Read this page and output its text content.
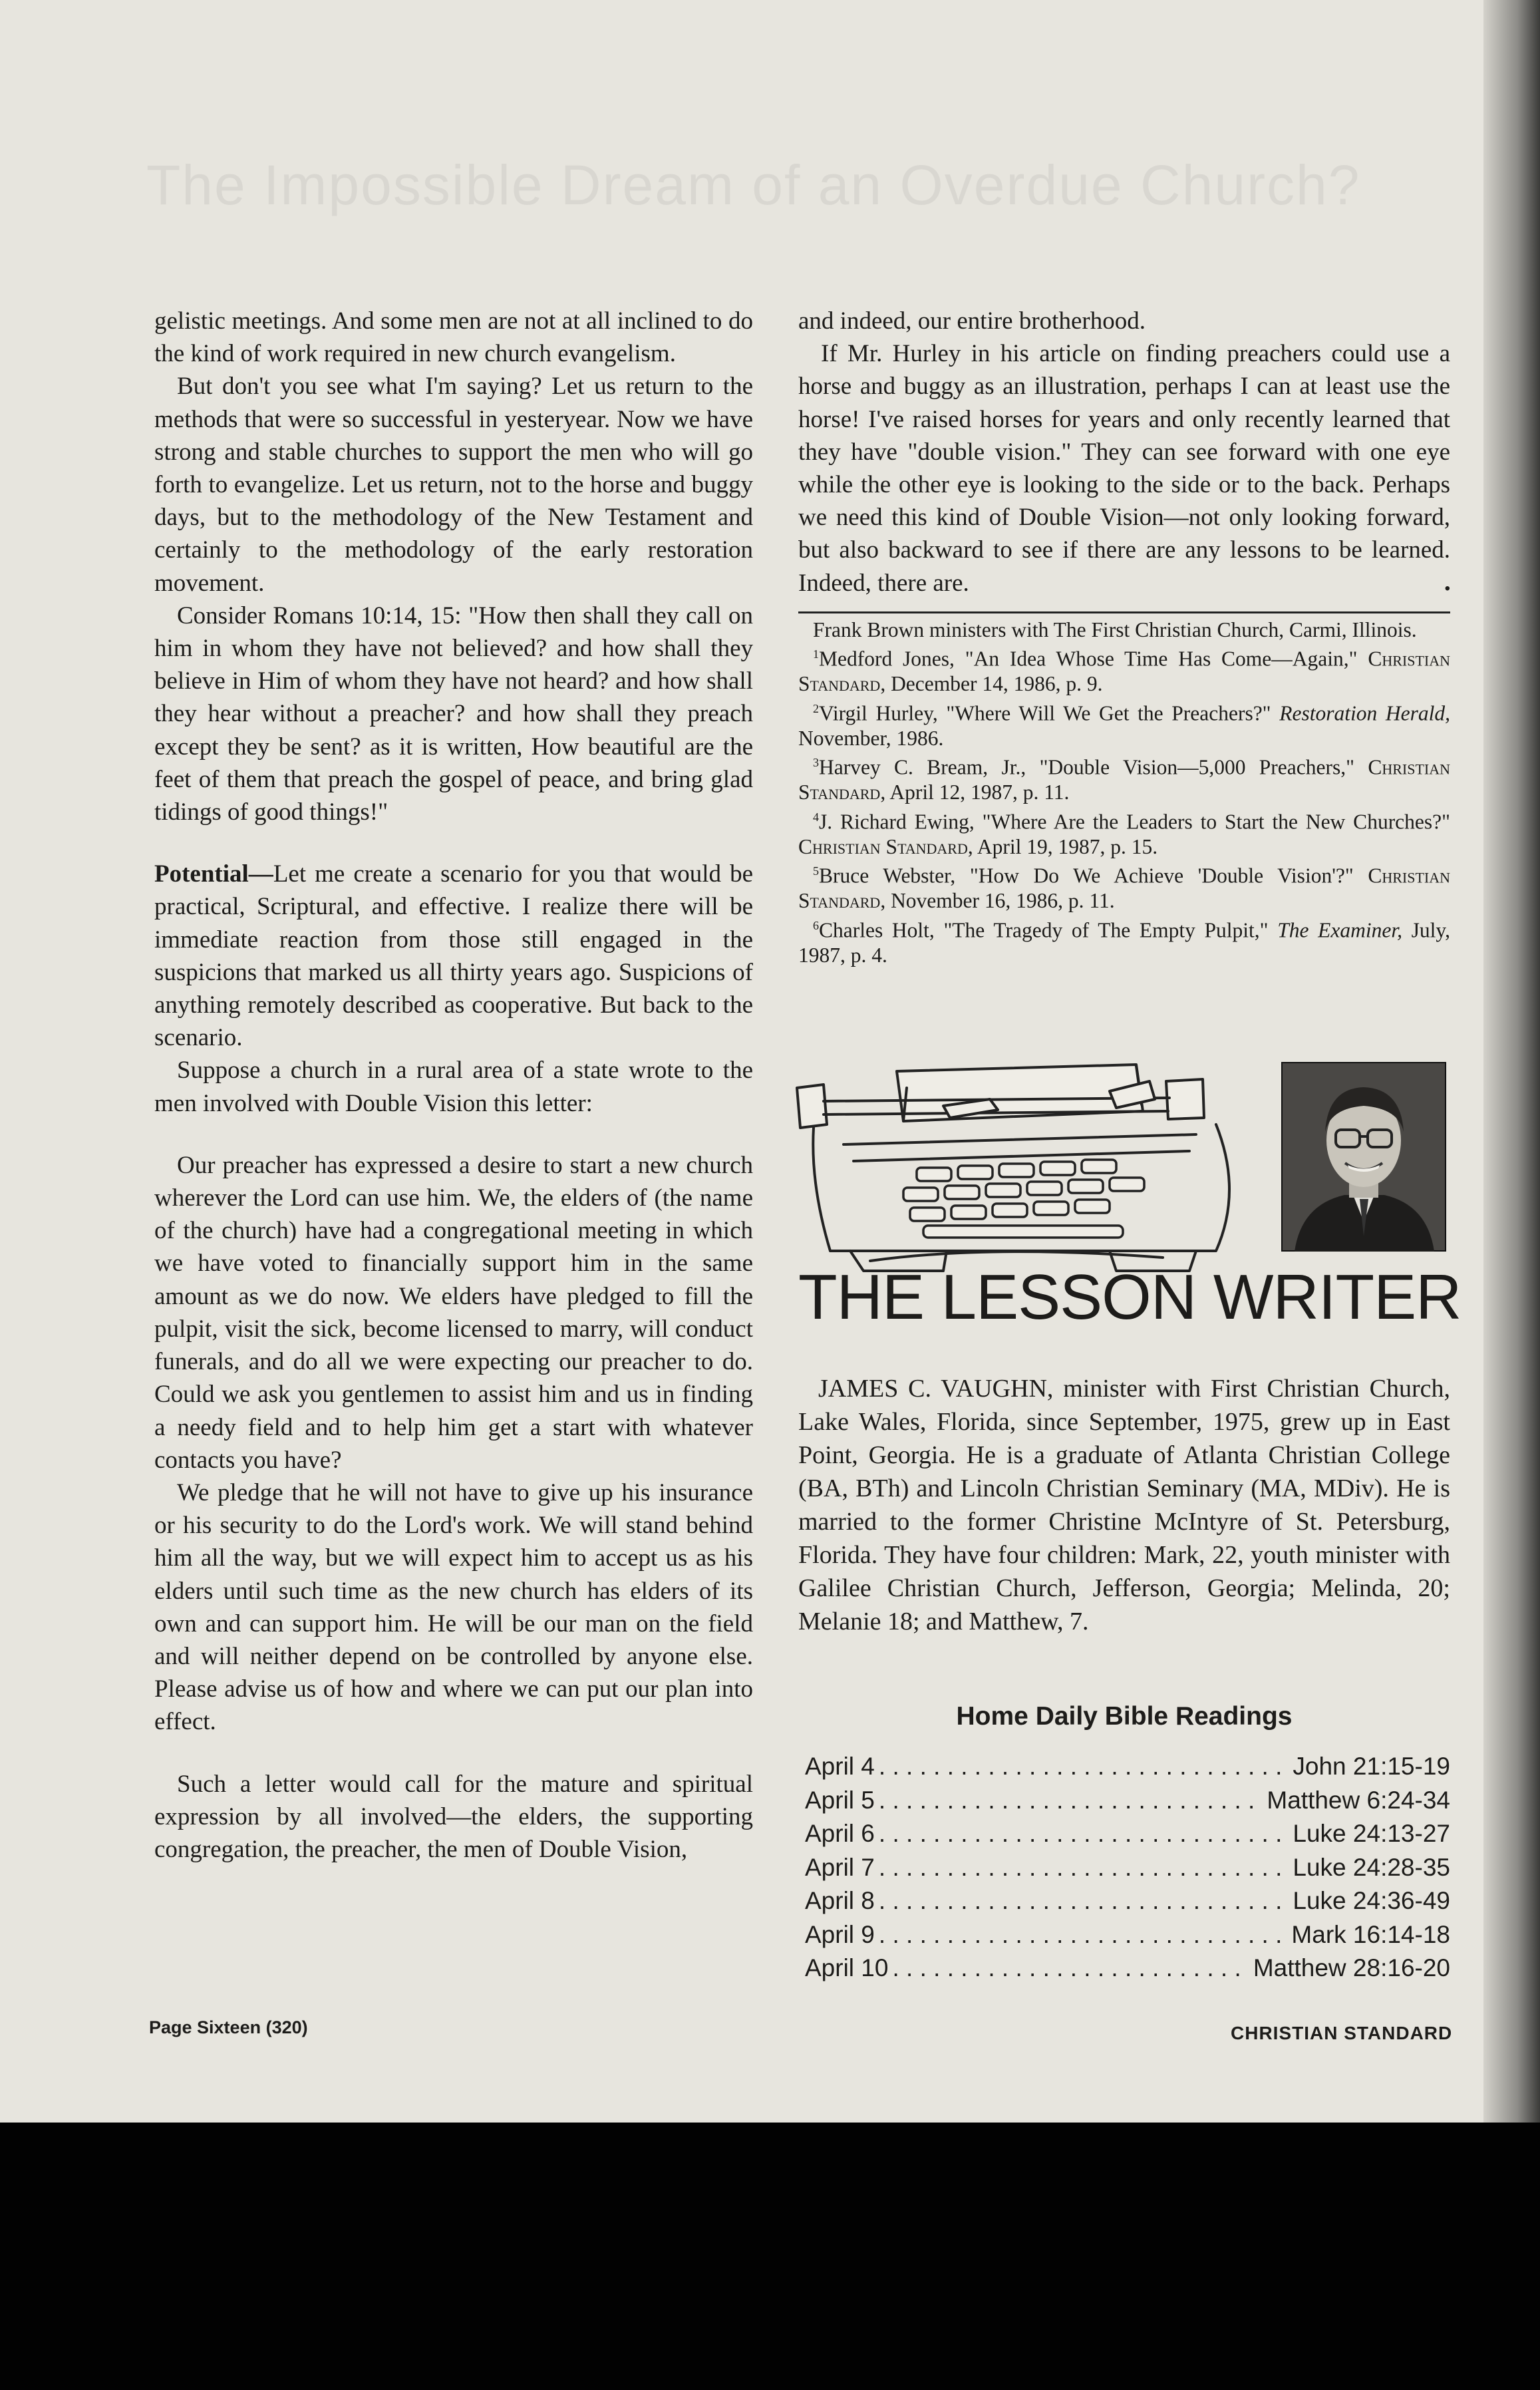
The Impossible Dream of an Overdue Church?

gelistic meetings. And some men are not at all inclined to do the kind of work required in new church evangelism.

But don't you see what I'm saying? Let us return to the methods that were so successful in yesteryear. Now we have strong and stable churches to support the men who will go forth to evangelize. Let us return, not to the horse and buggy days, but to the methodology of the New Testament and certainly to the methodology of the early restoration movement.

Consider Romans 10:14, 15: "How then shall they call on him in whom they have not believed? and how shall they believe in Him of whom they have not heard? and how shall they hear without a preacher? and how shall they preach except they be sent? as it is written, How beautiful are the feet of them that preach the gospel of peace, and bring glad tidings of good things!"

Potential—Let me create a scenario for you that would be practical, Scriptural, and effective. I realize there will be immediate reaction from those still engaged in the suspicions that marked us all thirty years ago. Suspicions of anything remotely described as cooperative. But back to the scenario.

Suppose a church in a rural area of a state wrote to the men involved with Double Vision this letter:

Our preacher has expressed a desire to start a new church wherever the Lord can use him. We, the elders of (the name of the church) have had a congregational meeting in which we have voted to financially support him in the same amount as we do now. We elders have pledged to fill the pulpit, visit the sick, become licensed to marry, will conduct funerals, and do all we were expecting our preacher to do. Could we ask you gentlemen to assist him and us in finding a needy field and to help him get a start with whatever contacts you have?

We pledge that he will not have to give up his insurance or his security to do the Lord's work. We will stand behind him all the way, but we will expect him to accept us as his elders until such time as the new church has elders of its own and can support him. He will be our man on the field and will neither depend on be controlled by anyone else. Please advise us of how and where we can put our plan into effect.

Such a letter would call for the mature and spiritual expression by all involved—the elders, the supporting congregation, the preacher, the men of Double Vision,

and indeed, our entire brotherhood.

If Mr. Hurley in his article on finding preachers could use a horse and buggy as an illustration, perhaps I can at least use the horse! I've raised horses for years and only recently learned that they have "double vision." They can see forward with one eye while the other eye is looking to the side or to the back. Perhaps we need this kind of Double Vision—not only looking forward, but also backward to see if there are any lessons to be learned. Indeed, there are.	•

Frank Brown ministers with The First Christian Church, Carmi, Illinois.

$^1$Medford Jones, "An Idea Whose Time Has Come—Again," Christian Standard, December 14, 1986, p. 9.

$^2$Virgil Hurley, "Where Will We Get the Preachers?" Restoration Herald, November, 1986.

$^3$Harvey C. Bream, Jr., "Double Vision—5,000 Preachers," Christian Standard, April 12, 1987, p. 11.

$^4$J. Richard Ewing, "Where Are the Leaders to Start the New Churches?" Christian Standard, April 19, 1987, p. 15.

$^5$Bruce Webster, "How Do We Achieve 'Double Vision'?" Christian Standard, November 16, 1986, p. 11.

$^6$Charles Holt, "The Tragedy of The Empty Pulpit," The Examiner, July, 1987, p. 4.

THE LESSON WRITER

JAMES C. VAUGHN, minister with First Christian Church, Lake Wales, Florida, since September, 1975, grew up in East Point, Georgia. He is a graduate of Atlanta Christian College (BA, BTh) and Lincoln Christian Seminary (MA, MDiv). He is married to the former Christine McIntyre of St. Petersburg, Florida. They have four children: Mark, 22, youth minister with Galilee Christian Church, Jefferson, Georgia; Melinda, 20; Melanie 18; and Matthew, 7.

Home Daily Bible Readings
April 4 . . .	John 21:15-19
April 5 . . .	Matthew 6:24-34
April 6 . . .	Luke 24:13-27
April 7 . . .	Luke 24:28-35
April 8 . . .	Luke 24:36-49
April 9 . . .	Mark 16:14-18
April 10 . . .	Matthew 28:16-20
Page Sixteen (320)	CHRISTIAN STANDARD
